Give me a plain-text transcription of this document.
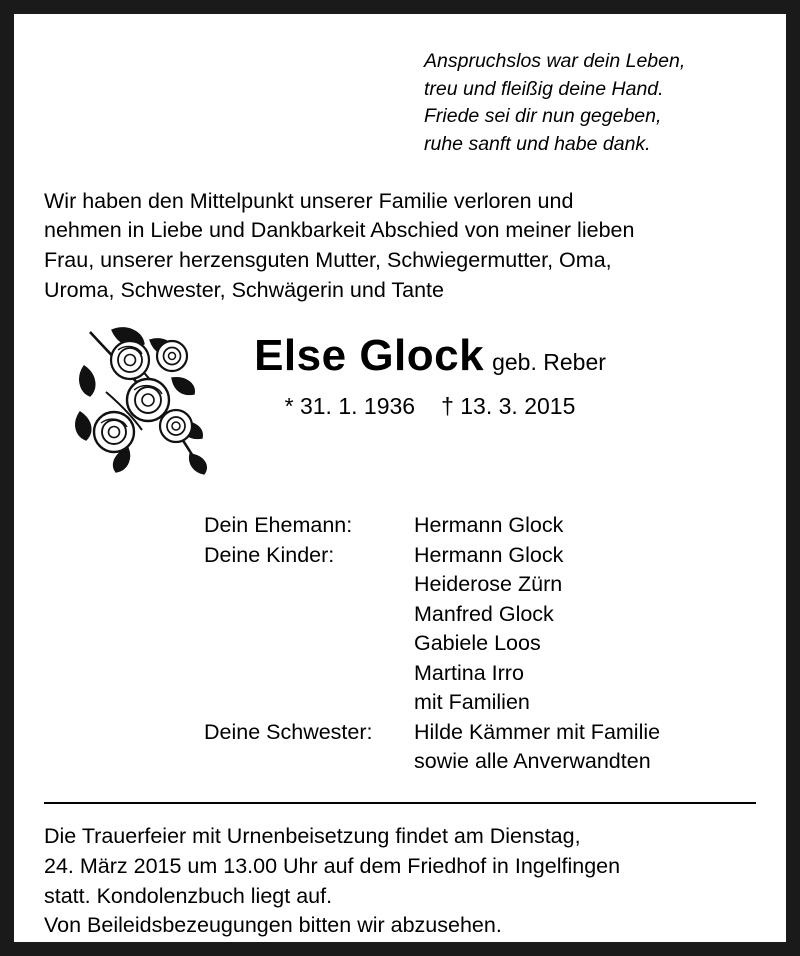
Anspruchslos war dein Leben,
treu und fleißig deine Hand.
Friede sei dir nun gegeben,
ruhe sanft und habe dank.
Wir haben den Mittelpunkt unserer Familie verloren und
nehmen in Liebe und Dankbarkeit Abschied von meiner lieben
Frau, unserer herzensguten Mutter, Schwiegermutter, Oma,
Uroma, Schwester, Schwägerin und Tante
Else Glock geb. Reber
* 31. 1. 1936 † 13. 3. 2015
Dein Ehemann:	Hermann Glock
Deine Kinder:	Hermann Glock
Heiderose Zürn
Manfred Glock
Gabiele Loos
Martina Irro
mit Familien
Deine Schwester:	Hilde Kämmer mit Familie
sowie alle Anverwandten
Die Trauerfeier mit Urnenbeisetzung findet am Dienstag,
24. März 2015 um 13.00 Uhr auf dem Friedhof in Ingelfingen
statt. Kondolenzbuch liegt auf.
Von Beileidsbezeugungen bitten wir abzusehen.
